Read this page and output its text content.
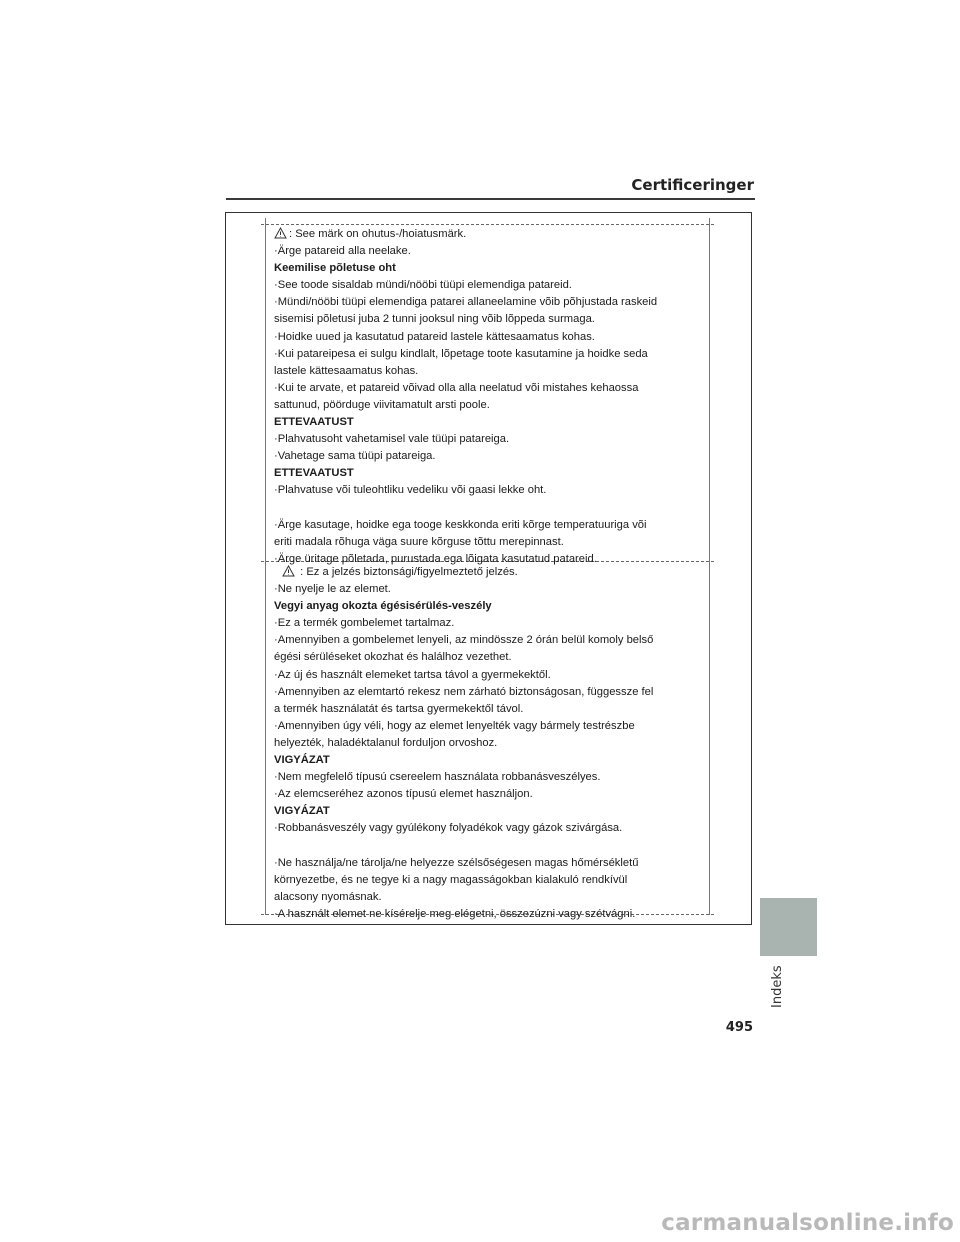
Certificeringer
: See märk on ohutus-/hoiatusmärk.
·Ärge patareid alla neelake.
Keemilise põletuse oht
·See toode sisaldab mündi/nööbi tüüpi elemendiga patareid.
·Mündi/nööbi tüüpi elemendiga patarei allaneelamine võib põhjustada raskeid
sisemisi põletusi juba 2 tunni jooksul ning võib lõppeda surmaga.
·Hoidke uued ja kasutatud patareid lastele kättesaamatus kohas.
·Kui patareipesa ei sulgu kindlalt, lõpetage toote kasutamine ja hoidke seda
lastele kättesaamatus kohas.
·Kui te arvate, et patareid võivad olla alla neelatud või mistahes kehaossa
sattunud, pöörduge viivitamatult arsti poole.
ETTEVAATUST
·Plahvatusoht vahetamisel vale tüüpi patareiga.
·Vahetage sama tüüpi patareiga.
ETTEVAATUST
·Plahvatuse või tuleohtliku vedeliku või gaasi lekke oht.
·Ärge kasutage, hoidke ega tooge keskkonda eriti kõrge temperatuuriga või
eriti madala rõhuga väga suure kõrguse tõttu merepinnast.
·Ärge üritage põletada, purustada ega lõigata kasutatud patareid.
: Ez a jelzés biztonsági/figyelmeztető jelzés.
·Ne nyelje le az elemet.
Vegyi anyag okozta égésisérülés-veszély
·Ez a termék gombelemet tartalmaz.
·Amennyiben a gombelemet lenyeli, az mindössze 2 órán belül komoly belső
égési sérüléseket okozhat és halálhoz vezethet.
·Az új és használt elemeket tartsa távol a gyermekektől.
·Amennyiben az elemtartó rekesz nem zárható biztonságosan, függessze fel
a termék használatát és tartsa gyermekektől távol.
·Amennyiben úgy véli, hogy az elemet lenyelték vagy bármely testrészbe
helyezték, haladéktalanul forduljon orvoshoz.
VIGYÁZAT
·Nem megfelelő típusú csereelem használata robbanásveszélyes.
·Az elemcseréhez azonos típusú elemet használjon.
VIGYÁZAT
·Robbanásveszély vagy gyúlékony folyadékok vagy gázok szivárgása.
·Ne használja/ne tárolja/ne helyezze szélsőségesen magas hőmérsékletű
környezetbe, és ne tegye ki a nagy magasságokban kialakuló rendkívül
alacsony nyomásnak.
·A használt elemet ne kísérelje meg elégetni, összezúzni vagy szétvágni.
Indeks
495
carmanualsonline.info
